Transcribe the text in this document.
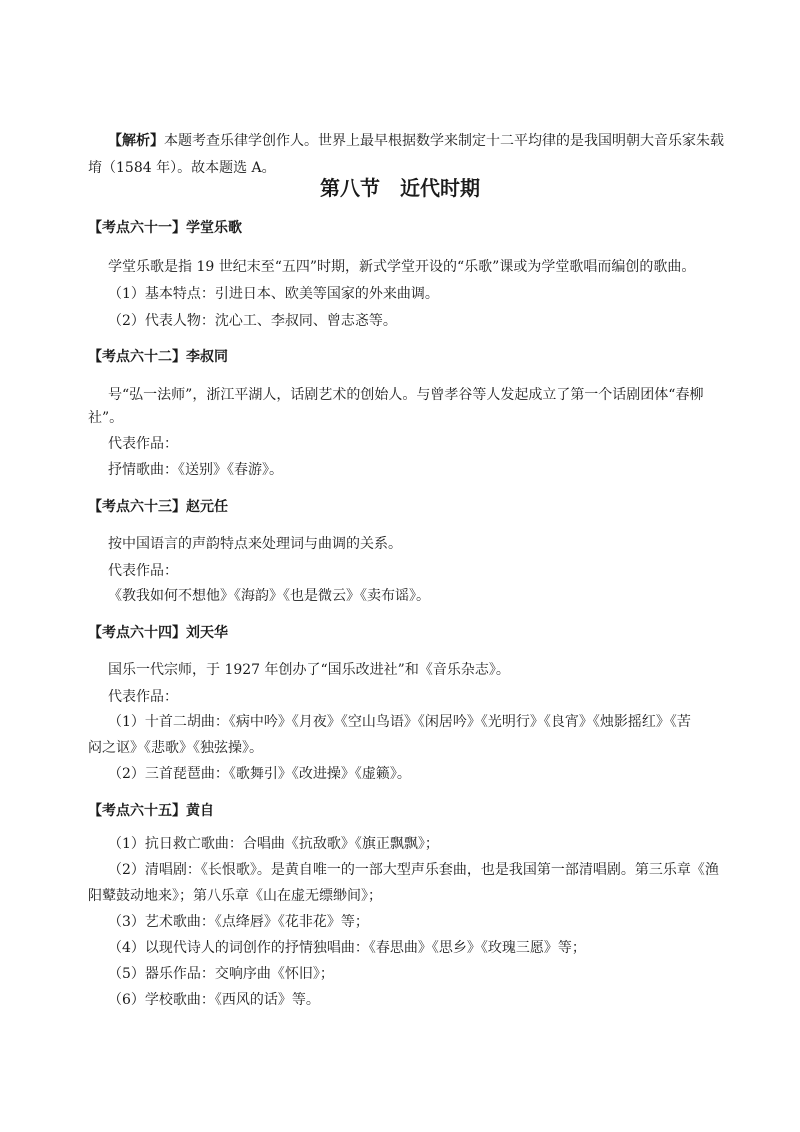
【解析】本题考查乐律学创作人。世界上最早根据数学来制定十二平均律的是我国明朝大音乐家朱载
堉（1584 年）。故本题选 A。
第八节　近代时期
【考点六十一】学堂乐歌
学堂乐歌是指 19 世纪末至“五四”时期，新式学堂开设的“乐歌”课或为学堂歌唱而编创的歌曲。
（1）基本特点：引进日本、欧美等国家的外来曲调。
（2）代表人物：沈心工、李叔同、曾志忞等。
【考点六十二】李叔同
号“弘一法师”，浙江平湖人，话剧艺术的创始人。与曾孝谷等人发起成立了第一个话剧团体“春柳
社”。
代表作品：
抒情歌曲：《送别》《春游》。
【考点六十三】赵元任
按中国语言的声韵特点来处理词与曲调的关系。
代表作品：
《教我如何不想他》《海韵》《也是微云》《卖布谣》。
【考点六十四】刘天华
国乐一代宗师，于 1927 年创办了“国乐改进社”和《音乐杂志》。
代表作品：
（1）十首二胡曲：《病中吟》《月夜》《空山鸟语》《闲居吟》《光明行》《良宵》《烛影摇红》《苦
闷之讴》《悲歌》《独弦操》。
（2）三首琵琶曲：《歌舞引》《改进操》《虚籁》。
【考点六十五】黄自
（1）抗日救亡歌曲：合唱曲《抗敌歌》《旗正飘飘》；
（2）清唱剧：《长恨歌》。是黄自唯一的一部大型声乐套曲，也是我国第一部清唱剧。第三乐章《渔
阳鼙鼓动地来》；第八乐章《山在虚无缥缈间》；
（3）艺术歌曲：《点绛唇》《花非花》等；
（4）以现代诗人的词创作的抒情独唱曲：《春思曲》《思乡》《玫瑰三愿》等；
（5）器乐作品：交响序曲《怀旧》；
（6）学校歌曲：《西风的话》等。
